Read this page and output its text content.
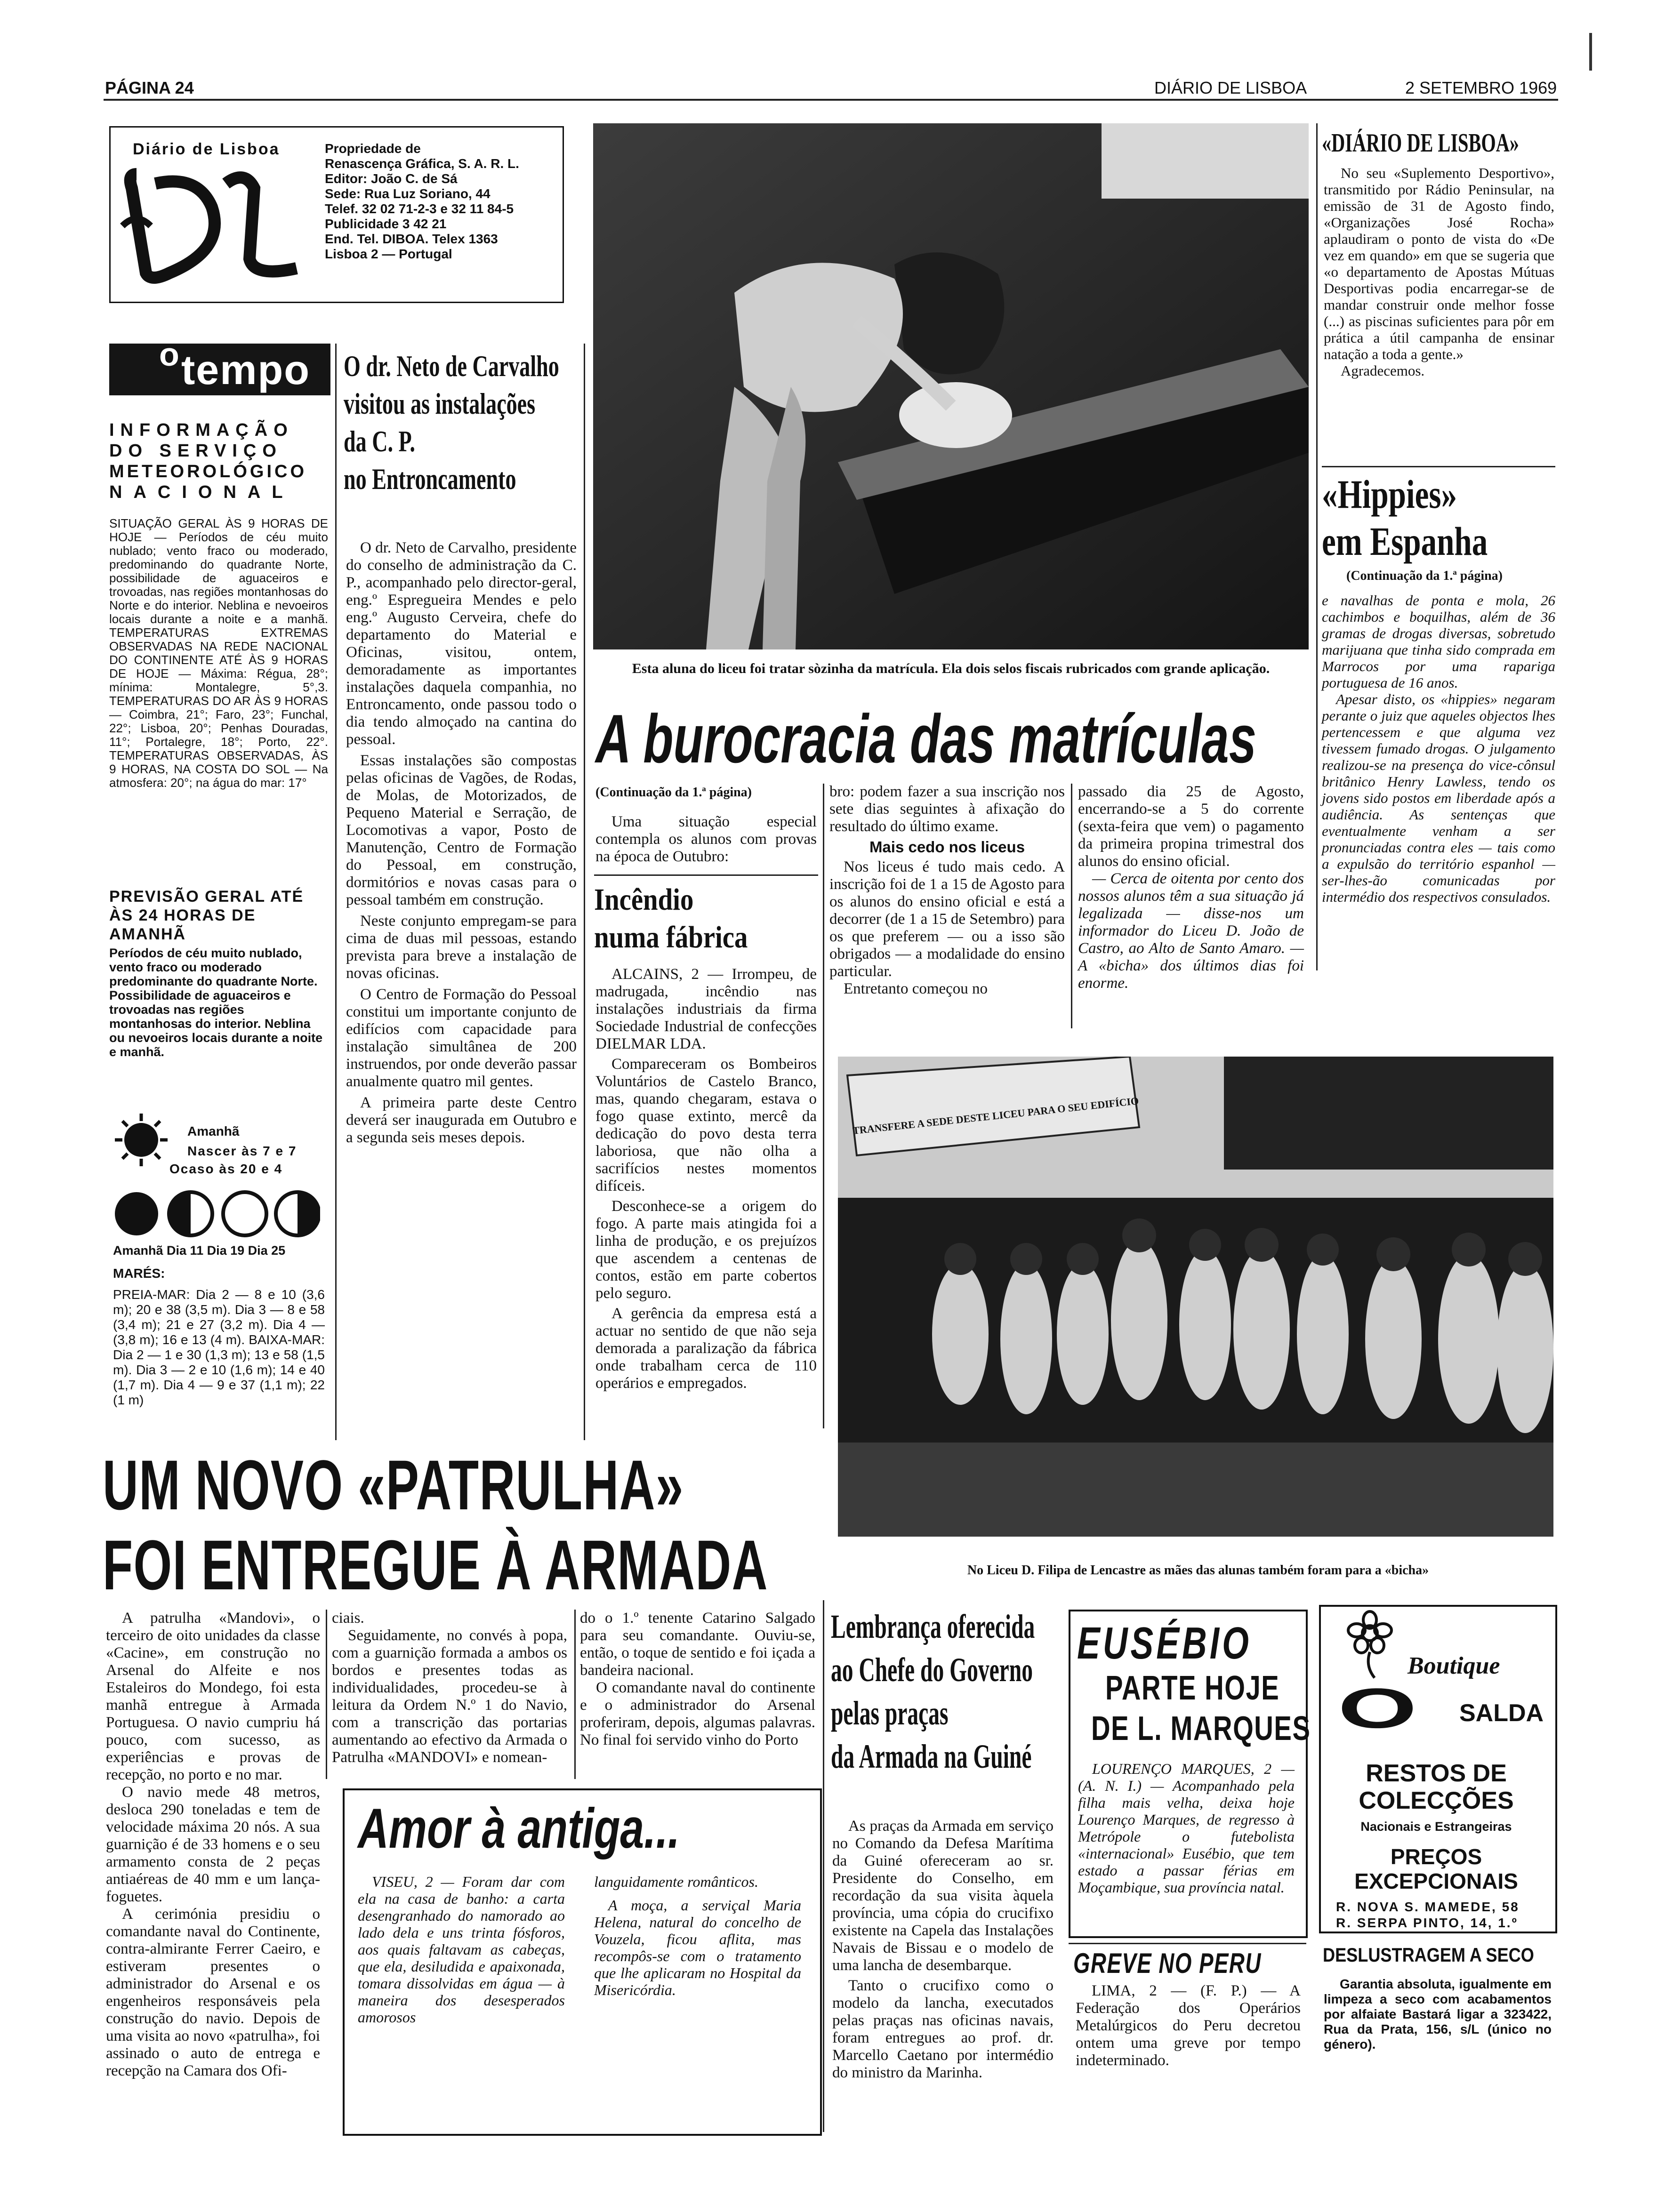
PÁGINA 24	DIÁRIO DE LISBOA	2 SETEMBRO 1969
Diário de Lisboa	Propriedade de
Renascença Gráfica, S. A. R. L.
Editor: João C. de Sá
Sede: Rua Luz Soriano, 44
Telef. 32 02 71-2-3 e 32 11 84-5
Publicidade 3 42 21
End. Tel. DIBOA. Telex 1363
Lisboa 2 — Portugal
o tempo
INFORMAÇÃO
DO SERVIÇO
METEOROLÓGICO
NACIONAL
SITUAÇÃO GERAL ÀS 9 HORAS DE HOJE — Períodos de céu muito nublado; vento fraco ou moderado, predominando do quadrante Norte, possibilidade de aguaceiros e trovoadas, nas regiões montanhosas do Norte e do interior. Neblina e nevoeiros locais durante a noite e a manhã. TEMPERATURAS EXTREMAS OBSERVADAS NA REDE NACIONAL DO CONTINENTE ATÉ ÀS 9 HORAS DE HOJE — Máxima: Régua, 28°; mínima: Montalegre, 5°,3. TEMPERATURAS DO AR ÀS 9 HORAS — Coimbra, 21°; Faro, 23°; Funchal, 22°; Lisboa, 20°; Penhas Douradas, 11°; Portalegre, 18°; Porto, 22°. TEMPERATURAS OBSERVADAS, ÀS 9 HORAS, NA COSTA DO SOL — Na atmosfera: 20°; na água do mar: 17°
PREVISÃO GERAL ATÉ ÀS 24 HORAS DE AMANHÃ
Períodos de céu muito nublado, vento fraco ou moderado predominante do quadrante Norte. Possibilidade de aguaceiros e trovoadas nas regiões montanhosas do interior. Neblina ou nevoeiros locais durante a noite e manhã.
Amanhã
Nascer às 7 e 7
Ocaso às 20 e 4
Amanhã Dia 11 Dia 19 Dia 25
MARÉS:
PREIA-MAR: Dia 2 — 8 e 10 (3,6 m); 20 e 38 (3,5 m). Dia 3 — 8 e 58 (3,4 m); 21 e 27 (3,2 m). Dia 4 — (3,8 m); 16 e 13 (4 m). BAIXA-MAR: Dia 2 — 1 e 30 (1,3 m); 13 e 58 (1,5 m). Dia 3 — 2 e 10 (1,6 m); 14 e 40 (1,7 m). Dia 4 — 9 e 37 (1,1 m); 22 (1 m)
O dr. Neto de Carvalho
visitou as instalações
da C. P.
no Entroncamento

O dr. Neto de Carvalho, presidente do conselho de administração da C. P., acompanhado pelo director-geral, eng.º Espregueira Mendes e pelo eng.º Augusto Cerveira, chefe do departamento do Material e Oficinas, visitou, ontem, demoradamente as importantes instalações daquela companhia, no Entroncamento, onde passou todo o dia tendo almoçado na cantina do pessoal.

Essas instalações são compostas pelas oficinas de Vagões, de Rodas, de Molas, de Motorizados, de Pequeno Material e Serração, de Locomotivas a vapor, Posto de Manutenção, Centro de Formação do Pessoal, em construção, dormitórios e novas casas para o pessoal também em construção.

Neste conjunto empregam-se para cima de duas mil pessoas, estando prevista para breve a instalação de novas oficinas.

O Centro de Formação do Pessoal constitui um importante conjunto de edifícios com capacidade para instalação simultânea de 200 instruendos, por onde deverão passar anualmente quatro mil gentes.

A primeira parte deste Centro deverá ser inaugurada em Outubro e a segunda seis meses depois.

Esta aluna do liceu foi tratar sòzinha da matrícula. Ela dois selos fiscais rubricados com grande aplicação.
A burocracia das matrículas
(Continuação da 1.ª página)
Uma situação especial contempla os alunos com provas na época de Outubro:
Incêndio
numa fábrica

ALCAINS, 2 — Irrompeu, de madrugada, incêndio nas instalações industriais da firma Sociedade Industrial de confecções DIELMAR LDA.

Compareceram os Bombeiros Voluntários de Castelo Branco, mas, quando chegaram, estava o fogo quase extinto, mercê da dedicação do povo desta terra laboriosa, que não olha a sacrifícios nestes momentos difíceis.

Desconhece-se a origem do fogo. A parte mais atingida foi a linha de produção, e os prejuízos que ascendem a centenas de contos, estão em parte cobertos pelo seguro.

A gerência da empresa está a actuar no sentido de que não seja demorada a paralização da fábrica onde trabalham cerca de 110 operários e empregados.

bro: podem fazer a sua inscrição nos sete dias seguintes à afixação do resultado do último exame.

Mais cedo nos liceus

Nos liceus é tudo mais cedo. A inscrição foi de 1 a 15 de Agosto para os alunos do ensino oficial e está a decorrer (de 1 a 15 de Setembro) para os que preferem — ou a isso são obrigados — a modalidade do ensino particular.

Entretanto começou no

passado dia 25 de Agosto, encerrando-se a 5 do corrente (sexta-feira que vem) o pagamento da primeira propina trimestral dos alunos do ensino oficial.

— Cerca de oitenta por cento dos nossos alunos têm a sua situação já legalizada — disse-nos um informador do Liceu D. João de Castro, ao Alto de Santo Amaro. — A «bicha» dos últimos dias foi enorme.

TRANSFERE A SEDE DESTE LICEU PARA O SEU EDIFÍCIO
No Liceu D. Filipa de Lencastre as mães das alunas também foram para a «bicha»
«DIÁRIO DE LISBOA»

No seu «Suplemento Desportivo», transmitido por Rádio Peninsular, na emissão de 31 de Agosto findo, «Organizações José Rocha» aplaudiram o ponto de vista do «De vez em quando» em que se sugeria que «o departamento de Apostas Mútuas Desportivas podia encarregar-se de mandar construir onde melhor fosse (...) as piscinas suficientes para pôr em prática a útil campanha de ensinar natação a toda a gente.»

Agradecemos.

«Hippies»
em Espanha
(Continuação da 1.ª página)

e navalhas de ponta e mola, 26 cachimbos e boquilhas, além de 36 gramas de drogas diversas, sobretudo marijuana que tinha sido comprada em Marrocos por uma rapariga portuguesa de 16 anos.

Apesar disto, os «hippies» negaram perante o juiz que aqueles objectos lhes pertencessem e que alguma vez tivessem fumado drogas. O julgamento realizou-se na presença do vice-cônsul britânico Henry Lawless, tendo os jovens sido postos em liberdade após a audiência. As sentenças que eventualmente venham a ser pronunciadas contra eles — tais como a expulsão do território espanhol — ser-lhes-ão comunicadas por intermédio dos respectivos consulados.

UM NOVO «PATRULHA»
FOI ENTREGUE À ARMADA

A patrulha «Mandovi», o terceiro de oito unidades da classe «Cacine», em construção no Arsenal do Alfeite e nos Estaleiros do Mondego, foi esta manhã entregue à Armada Portuguesa. O navio cumpriu há pouco, com sucesso, as experiências e provas de recepção, no porto e no mar.

O navio mede 48 metros, desloca 290 toneladas e tem de velocidade máxima 20 nós. A sua guarnição é de 33 homens e o seu armamento consta de 2 peças antiaéreas de 40 mm e um lança-foguetes.

A cerimónia presidiu o comandante naval do Continente, contra-almirante Ferrer Caeiro, e estiveram presentes o administrador do Arsenal e os engenheiros responsáveis pela construção do navio. Depois de uma visita ao novo «patrulha», foi assinado o auto de entrega e recepção na Camara dos Ofi-

ciais.

Seguidamente, no convés à popa, com a guarnição formada a ambos os bordos e presentes todas as individualidades, procedeu-se à leitura da Ordem N.º 1 do Navio, com a transcrição das portarias aumentando ao efectivo da Armada o Patrulha «MANDOVI» e nomean-

do o 1.º tenente Catarino Salgado para seu comandante. Ouviu-se, então, o toque de sentido e foi içada a bandeira nacional.

O comandante naval do continente e o administrador do Arsenal proferiram, depois, algumas palavras. No final foi servido vinho do Porto

Amor à antiga...
VISEU, 2 — Foram dar com ela na casa de banho: a carta desengranhado do namorado ao lado dela e uns trinta fósforos, aos quais faltavam as cabeças, que ela, desiludida e apaixonada, tomara dissolvidas em água — à maneira dos desesperados amorosos

languidamente românticos.

A moça, a serviçal Maria Helena, natural do concelho de Vouzela, ficou aflita, mas recompôs-se com o tratamento que lhe aplicaram no Hospital da Misericórdia.

Lembrança oferecida
ao Chefe do Governo
pelas praças
da Armada na Guiné

As praças da Armada em serviço no Comando da Defesa Marítima da Guiné ofereceram ao sr. Presidente do Conselho, em recordação da sua visita àquela província, uma cópia do crucifixo existente na Capela das Instalações Navais de Bissau e o modelo de uma lancha de desembarque.

Tanto o crucifixo como o modelo da lancha, executados pelas praças nas oficinas navais, foram entregues ao prof. dr. Marcello Caetano por intermédio do ministro da Marinha.

EUSÉBIO
PARTE HOJE
DE L. MARQUES
LOURENÇO MARQUES, 2 — (A. N. I.) — Acompanhado pela filha mais velha, deixa hoje Lourenço Marques, de regresso à Metrópole o futebolista «internacional» Eusébio, que tem estado a passar férias em Moçambique, sua província natal.
GREVE NO PERU
LIMA, 2 — (F. P.) — A Federação dos Operários Metalúrgicos do Peru decretou ontem uma greve por tempo indeterminado.
Boutique
O SALDA
RESTOS DE
COLECÇÕES
Nacionais e Estrangeiras
PREÇOS
EXCEPCIONAIS
R. NOVA S. MAMEDE, 58
R. SERPA PINTO, 14, 1.º
DESLUSTRAGEM A SECO
Garantia absoluta, igualmente em limpeza a seco com acabamentos por alfaiate Bastará ligar a 323422, Rua da Prata, 156, s/L (único no género).
